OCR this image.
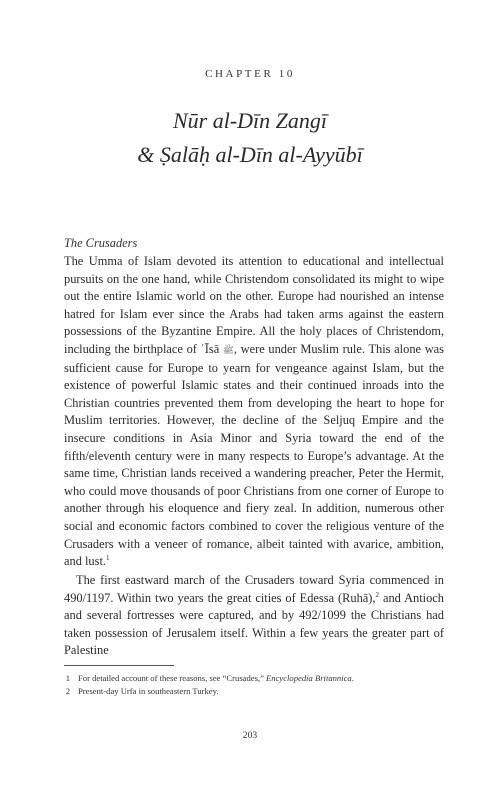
CHAPTER 10
Nūr al-Dīn Zangī
& Ṣalāḥ al-Dīn al-Ayyūbī
The Crusaders

The Umma of Islam devoted its attention to educational and intellectual pursuits on the one hand, while Christendom consolidated its might to wipe out the entire Islamic world on the other. Europe had nourished an intense hatred for Islam ever since the Arabs had taken arms against the eastern possessions of the Byzantine Empire. All the holy places of Christendom, including the birthplace of ʿĪsā ﷺ, were under Muslim rule. This alone was sufficient cause for Europe to yearn for vengeance against Islam, but the existence of powerful Islamic states and their continued inroads into the Christian countries prevented them from developing the heart to hope for Muslim territories. However, the decline of the Seljuq Empire and the insecure conditions in Asia Minor and Syria toward the end of the fifth/eleventh century were in many respects to Europe’s advantage. At the same time, Christian lands received a wandering preacher, Peter the Hermit, who could move thousands of poor Christians from one corner of Europe to another through his eloquence and fiery zeal. In addition, numerous other social and economic factors combined to cover the religious venture of the Crusaders with a veneer of romance, albeit tainted with avarice, ambition, and lust.$^1$

The first eastward march of the Crusaders toward Syria commenced in 490/1197. Within two years the great cities of Edessa (Ruhā),$^2$ and Antioch and several fortresses were captured, and by 492/1099 the Christians had taken possession of Jerusalem itself. Within a few years the greater part of Palestine

1 For detailed account of these reasons, see “Crusades,” Encyclopedia Britannica.
2 Present-day Urfa in southeastern Turkey.
203
